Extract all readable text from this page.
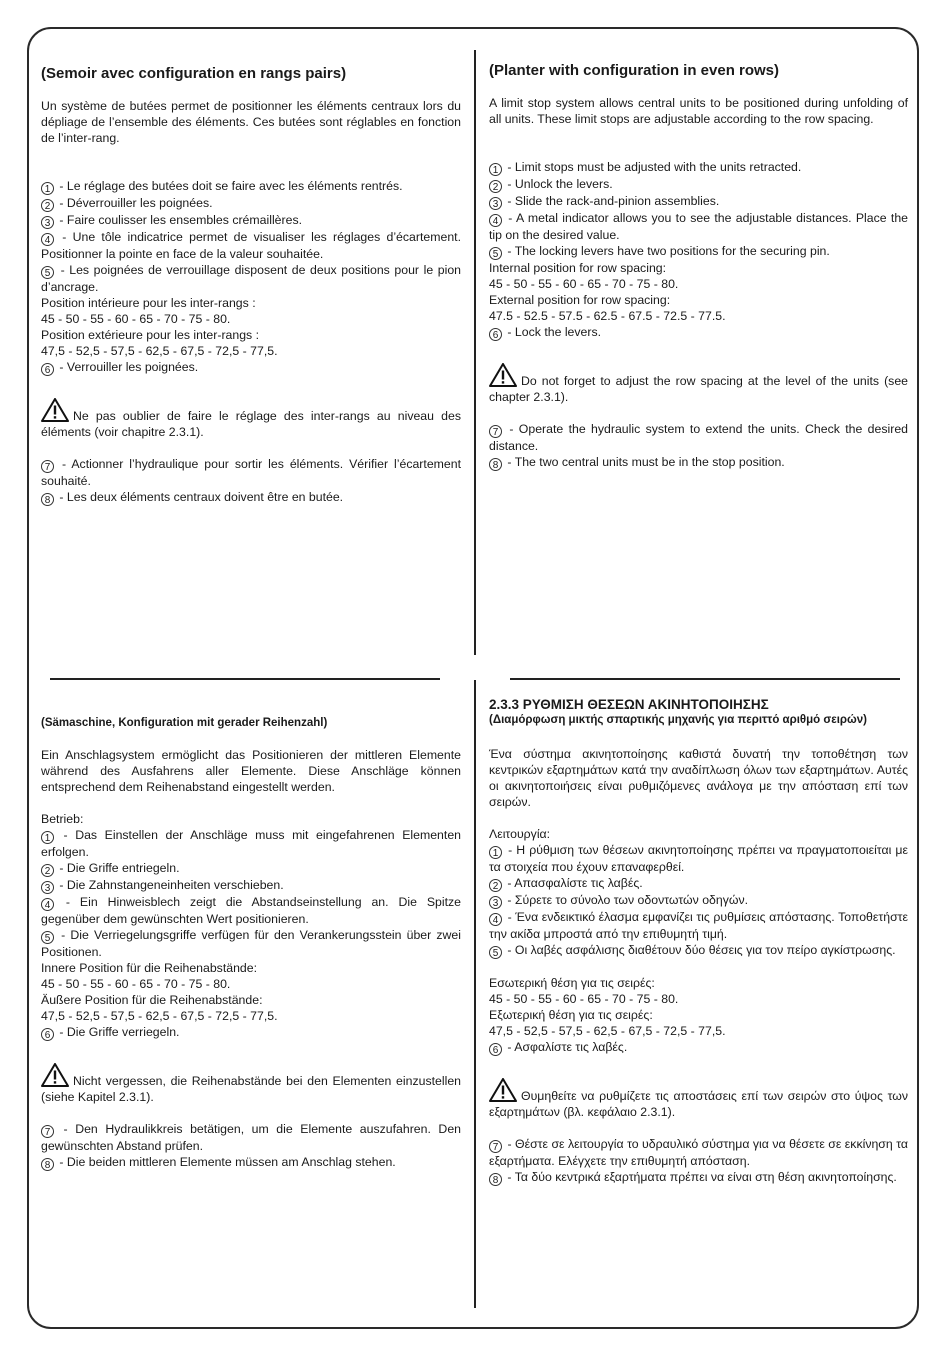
(Semoir avec configuration en rangs pairs)

Un système de butées permet de positionner les éléments centraux lors du dépliage de l’ensemble des éléments. Ces butées sont réglables en fonction de l’inter-rang.

1 - Le réglage des butées doit se faire avec les éléments rentrés.

2 - Déverrouiller les poignées.

3 - Faire coulisser les ensembles crémaillères.

4 - Une tôle indicatrice permet de visualiser les réglages d’écartement. Positionner la pointe en face de la valeur souhaitée.

5 - Les poignées de verrouillage disposent de deux positions pour le pion d’ancrage.

Position intérieure pour les inter-rangs :

45 - 50 - 55 - 60 - 65 - 70 - 75 - 80.

Position extérieure pour les inter-rangs :

47,5 - 52,5 - 57,5 - 62,5 - 67,5 - 72,5 - 77,5.

6 - Verrouiller les poignées.

Ne pas oublier de faire le réglage des inter-rangs au niveau des éléments (voir chapitre 2.3.1).

7 - Actionner l’hydraulique pour sortir les éléments. Vérifier l’écartement souhaité.

8 - Les deux éléments centraux doivent être en butée.

(Planter with configuration in even rows)

A limit stop system allows central units to be positioned during unfolding of all units. These limit stops are adjustable according to the row spacing.

1 - Limit stops must be adjusted with the units retracted.

2 - Unlock the levers.

3 - Slide the rack-and-pinion assemblies.

4 - A metal indicator allows you to see the adjustable distances. Place the tip on the desired value.

5 - The locking levers have two positions for the securing pin.

Internal position for row spacing:

45 - 50 - 55 - 60 - 65 - 70 - 75 - 80.

External position for row spacing:

47.5 - 52.5 - 57.5 - 62.5 - 67.5 - 72.5 - 77.5.

6 - Lock the levers.

Do not forget to adjust the row spacing at the level of the units (see chapter 2.3.1).

7 - Operate the hydraulic system to extend the units. Check the desired distance.

8 - The two central units must be in the stop position.

(Sämaschine, Konfiguration mit gerader Reihenzahl)

Ein Anschlagsystem ermöglicht das Positionieren der mittleren Elemente während des Ausfahrens aller Elemente. Diese Anschläge können entsprechend dem Reihenabstand eingestellt werden.

Betrieb:

1 - Das Einstellen der Anschläge muss mit eingefahrenen Elementen erfolgen.

2 - Die Griffe entriegeln.

3 - Die Zahnstangeneinheiten verschieben.

4 - Ein Hinweisblech zeigt die Abstandseinstellung an. Die Spitze gegenüber dem gewünschten Wert positionieren.

5 - Die Verriegelungsgriffe verfügen für den Verankerungsstein über zwei Positionen.

Innere Position für die Reihenabstände:

45 - 50 - 55 - 60 - 65 - 70 - 75 - 80.

Äußere Position für die Reihenabstände:

47,5 - 52,5 - 57,5 - 62,5 - 67,5 - 72,5 - 77,5.

6 - Die Griffe verriegeln.

Nicht vergessen, die Reihenabstände bei den Elementen einzustellen (siehe Kapitel 2.3.1).

7 - Den Hydraulikkreis betätigen, um die Elemente auszufahren. Den gewünschten Abstand prüfen.

8 - Die beiden mittleren Elemente müssen am Anschlag stehen.

2.3.3 ΡΥΘΜΙΣΗ ΘΕΣΕΩΝ ΑΚΙΝΗΤΟΠΟΙΗΣΗΣ

(Διαμόρφωση μικτής σπαρτικής μηχανής για περιττό αριθμό σειρών)

Ένα σύστημα ακινητοποίησης καθιστά δυνατή την τοποθέτηση των κεντρικών εξαρτημάτων κατά την αναδίπλωση όλων των εξαρτημάτων. Αυτές οι ακινητοποιήσεις είναι ρυθμιζόμενες ανάλογα με την απόσταση επί των σειρών.

Λειτουργία:

1 - Η ρύθμιση των θέσεων ακινητοποίησης πρέπει να πραγματοποιείται με τα στοιχεία που έχουν επαναφερθεί.

2 - Απασφαλίστε τις λαβές.

3 - Σύρετε το σύνολο των οδοντωτών οδηγών.

4 - Ένα ενδεικτικό έλασμα εμφανίζει τις ρυθμίσεις απόστασης. Τοποθετήστε την ακίδα μπροστά από την επιθυμητή τιμή.

5 - Οι λαβές ασφάλισης διαθέτουν δύο θέσεις για τον πείρο αγκίστρωσης.

Εσωτερική θέση για τις σειρές:

45 - 50 - 55 - 60 - 65 - 70 - 75 - 80.

Εξωτερική θέση για τις σειρές:

47,5 - 52,5 - 57,5 - 62,5 - 67,5 - 72,5 - 77,5.

6 - Ασφαλίστε τις λαβές.

Θυμηθείτε να ρυθμίζετε τις αποστάσεις επί των σειρών στο ύψος των εξαρτημάτων (βλ. κεφάλαιο 2.3.1).

7 - Θέστε σε λειτουργία το υδραυλικό σύστημα για να θέσετε σε εκκίνηση τα εξαρτήματα. Ελέγχετε την επιθυμητή απόσταση.

8 - Τα δύο κεντρικά εξαρτήματα πρέπει να είναι στη θέση ακινητοποίησης.
